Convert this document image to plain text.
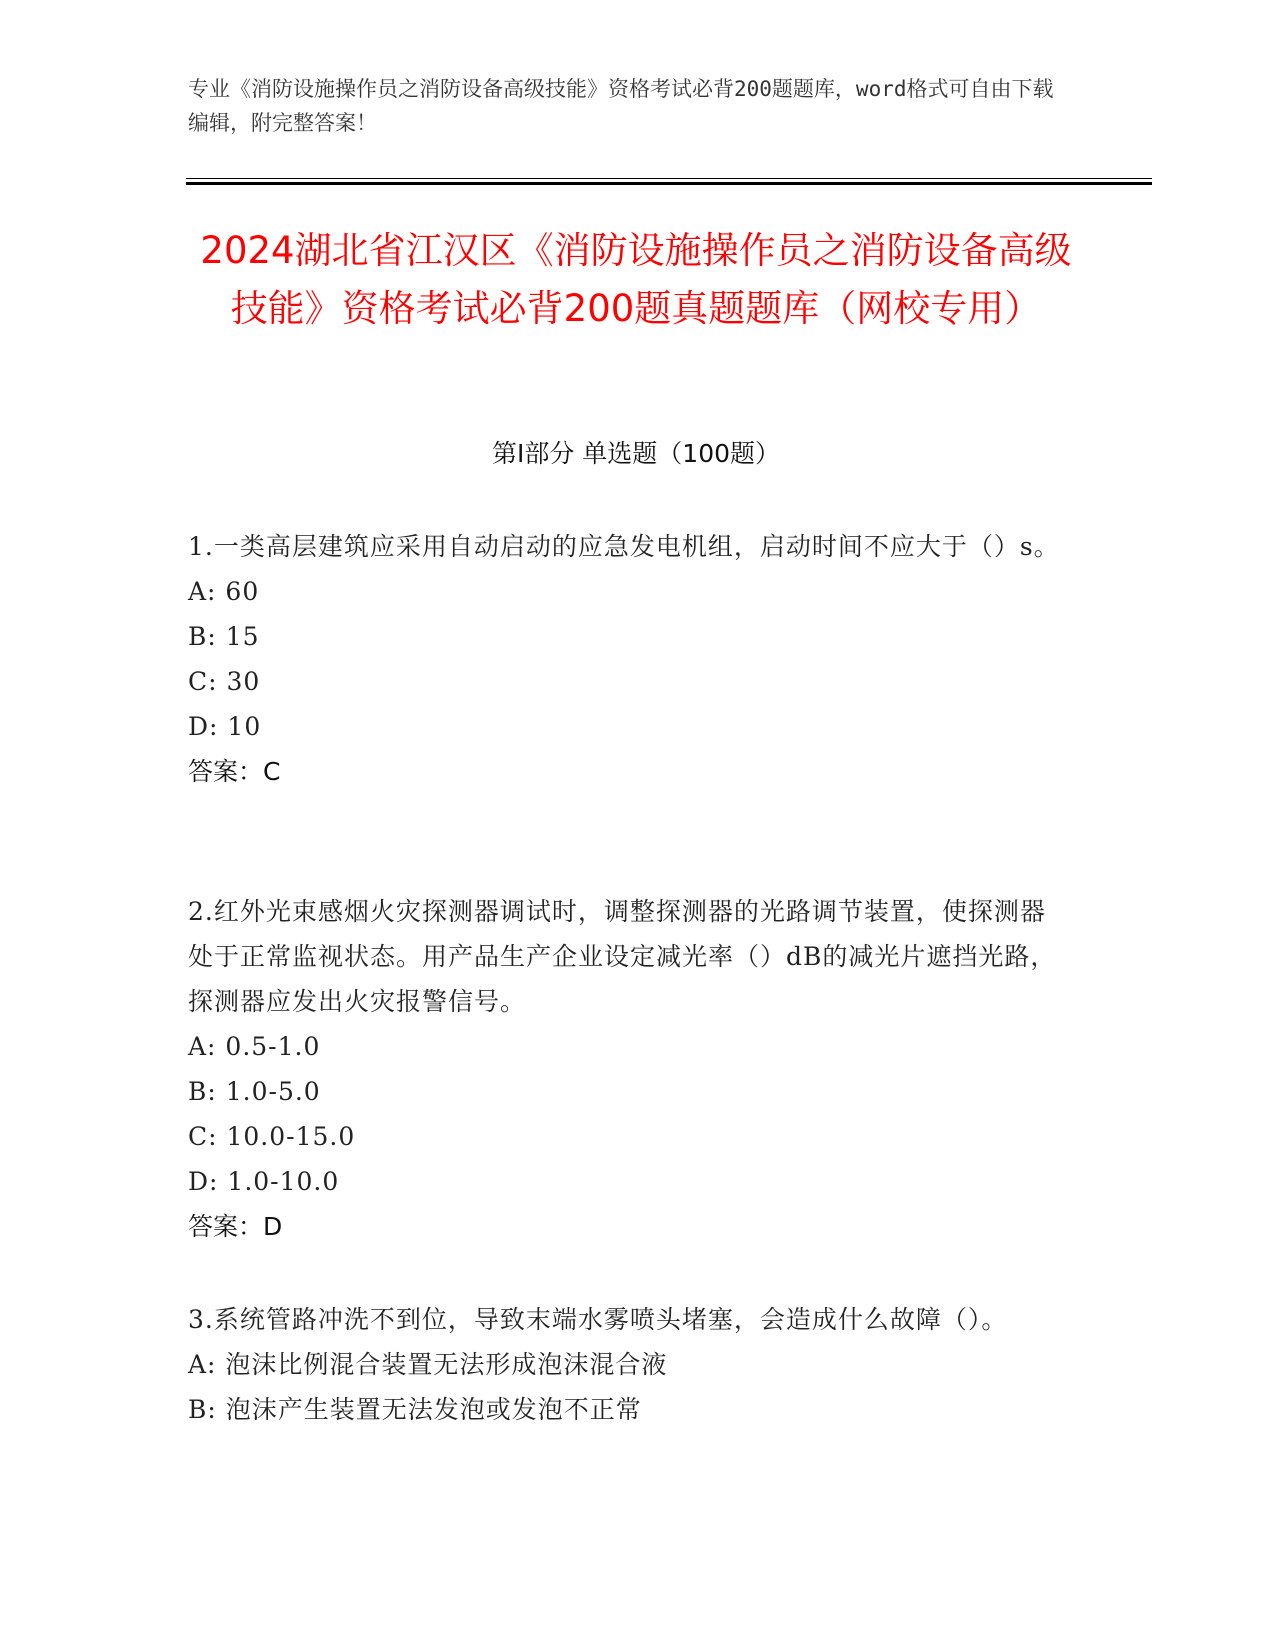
专业《消防设施操作员之消防设备高级技能》资格考试必背200题题库，word格式可自由下载编辑，附完整答案！
2024湖北省江汉区《消防设施操作员之消防设备高级技能》资格考试必背200题真题题库（网校专用）
第Ⅰ部分 单选题（100题）
1.一类高层建筑应采用自动启动的应急发电机组，启动时间不应大于（）s。
A: 60
B: 15
C: 30
D: 10
答案：C
2.红外光束感烟火灾探测器调试时，调整探测器的光路调节装置，使探测器处于正常监视状态。用产品生产企业设定减光率（）dB的减光片遮挡光路，探测器应发出火灾报警信号。
A: 0.5-1.0
B: 1.0-5.0
C: 10.0-15.0
D: 1.0-10.0
答案：D
3.系统管路冲洗不到位，导致末端水雾喷头堵塞，会造成什么故障（）。
A: 泡沫比例混合装置无法形成泡沫混合液
B: 泡沫产生装置无法发泡或发泡不正常
